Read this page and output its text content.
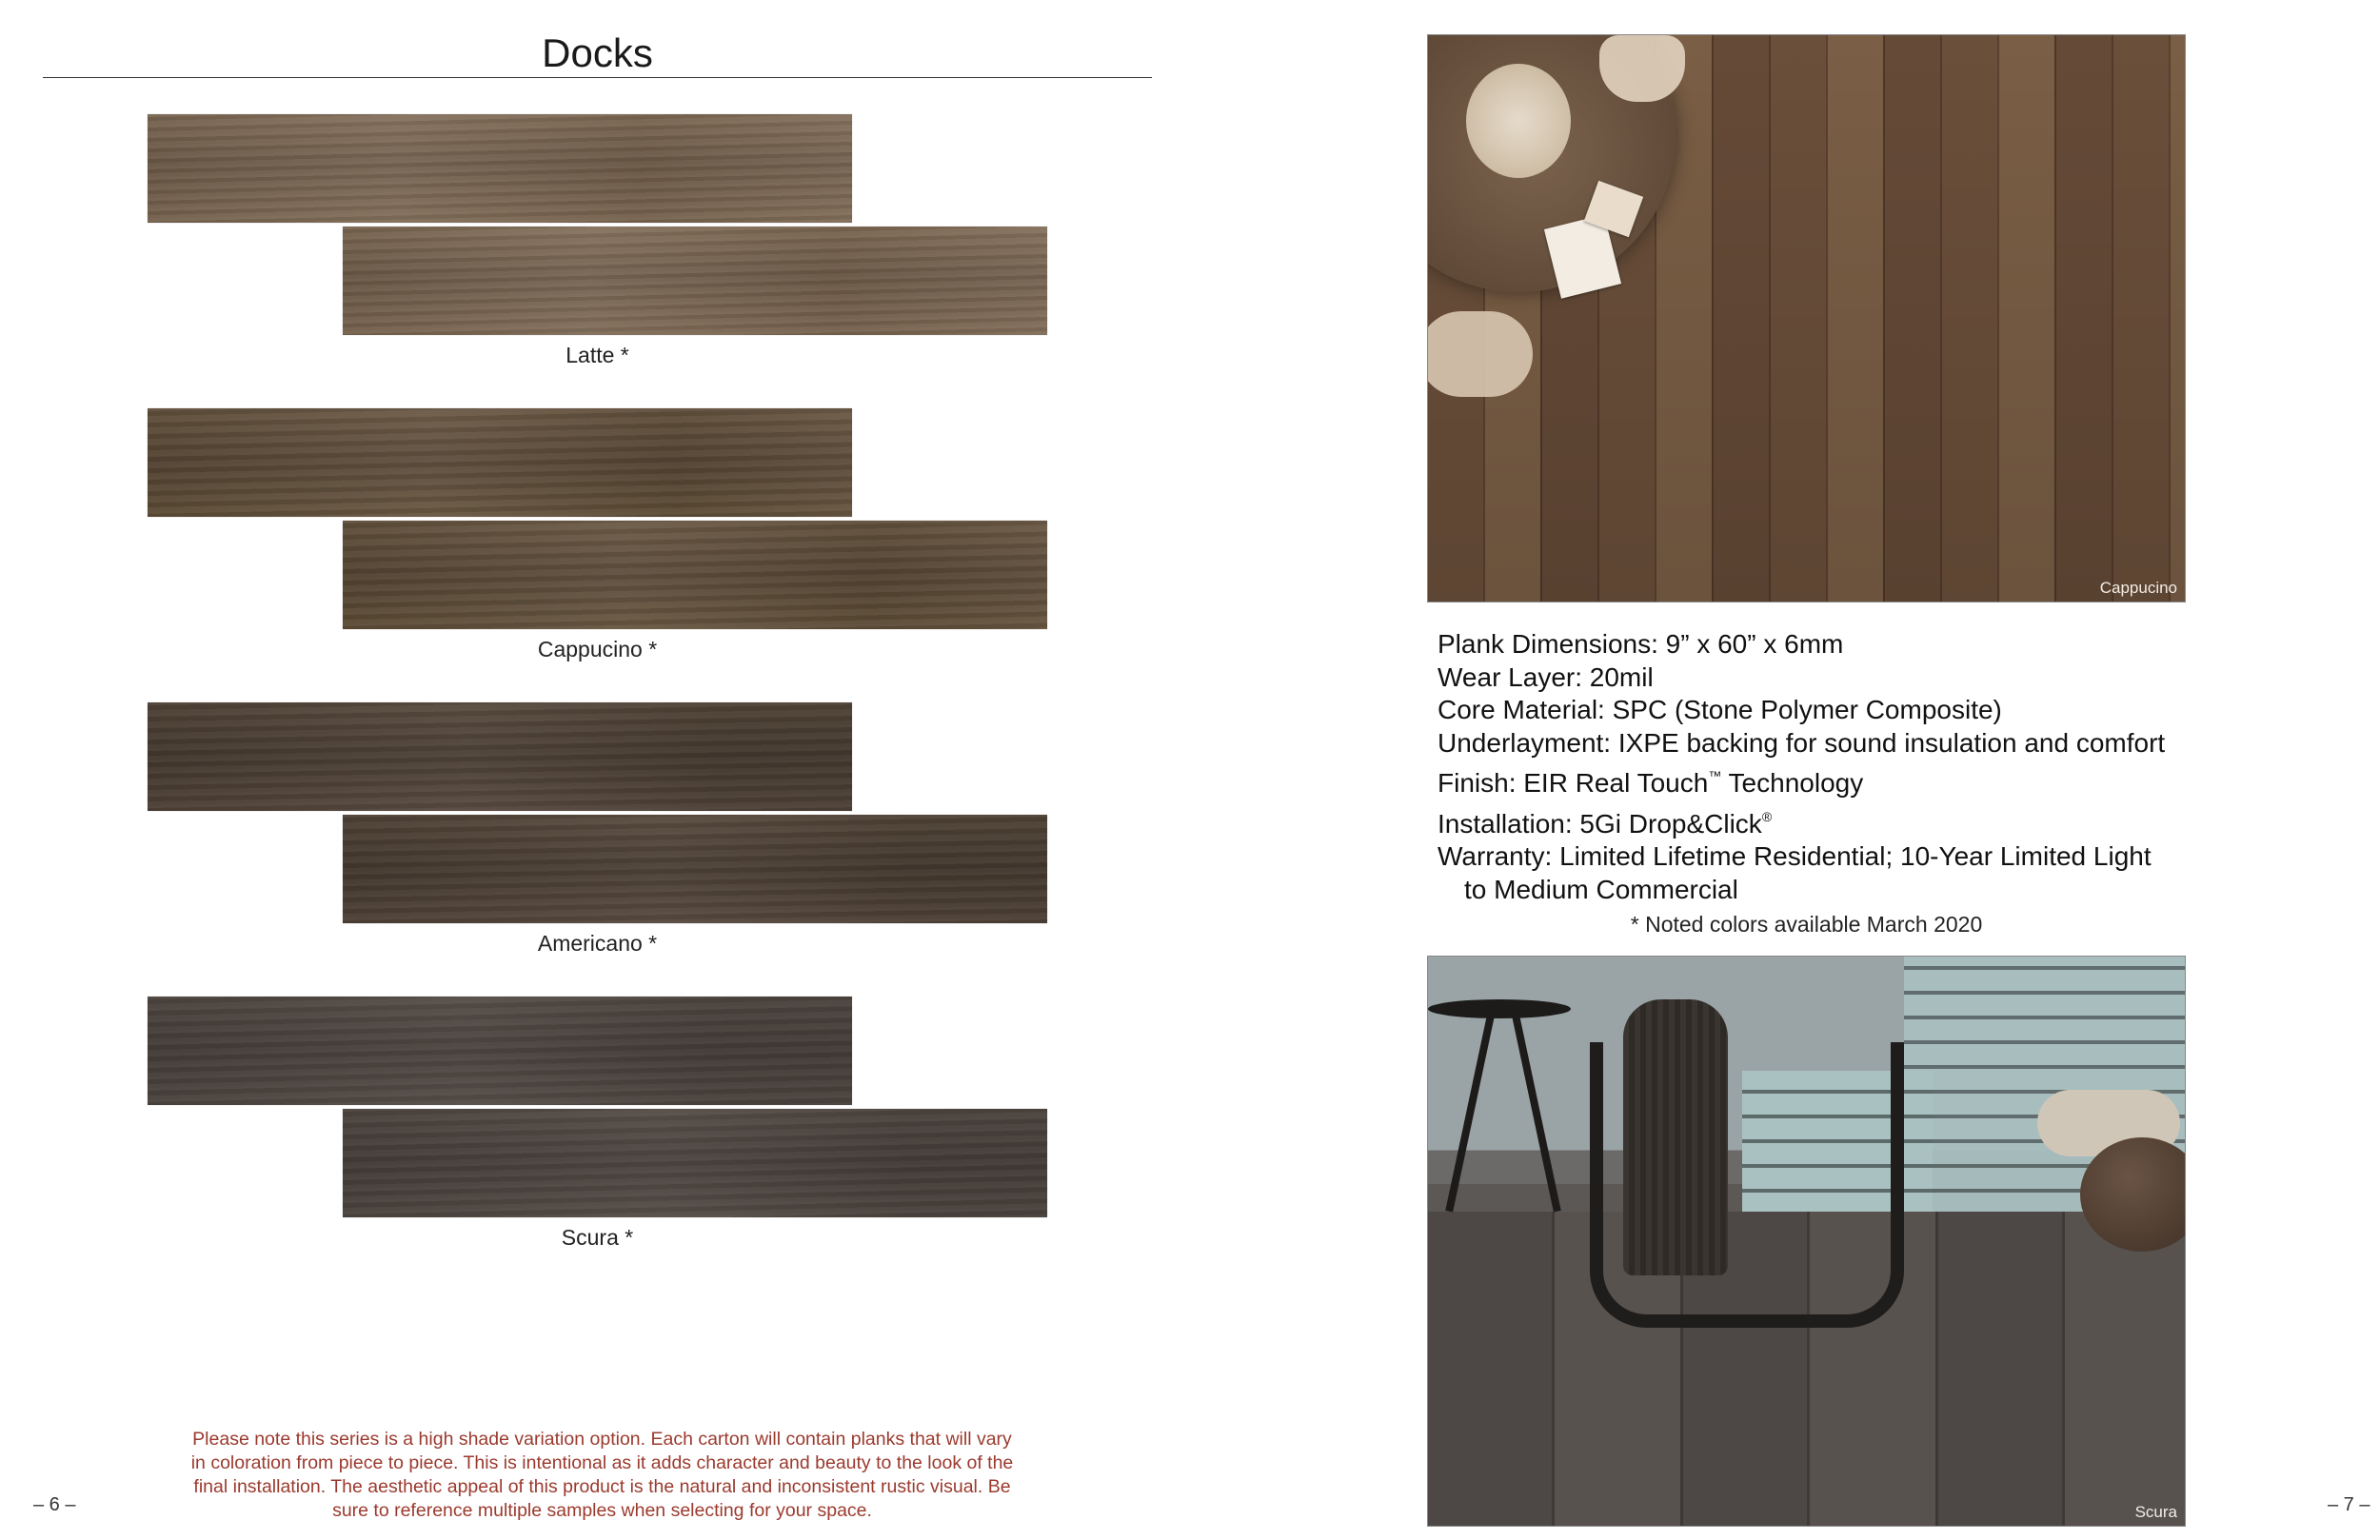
Docks
Latte *
Cappucino *
Americano *
Scura *
Please note this series is a high shade variation option. Each carton will contain planks that will vary in coloration from piece to piece. This is intentional as it adds character and beauty to the look of the final installation. The aesthetic appeal of this product is the natural and inconsistent rustic visual. Be sure to reference multiple samples when selecting for your space.
– 6 –
Cappucino
Plank Dimensions: 9” x 60” x 6mm
Wear Layer: 20mil
Core Material: SPC (Stone Polymer Composite)
Underlayment: IXPE backing for sound insulation and comfort
Finish: EIR Real Touch™ Technology
Installation: 5Gi Drop&Click®
Warranty: Limited Lifetime Residential; 10-Year Limited Light
to Medium Commercial
* Noted colors available March 2020
Scura	– 7 –
